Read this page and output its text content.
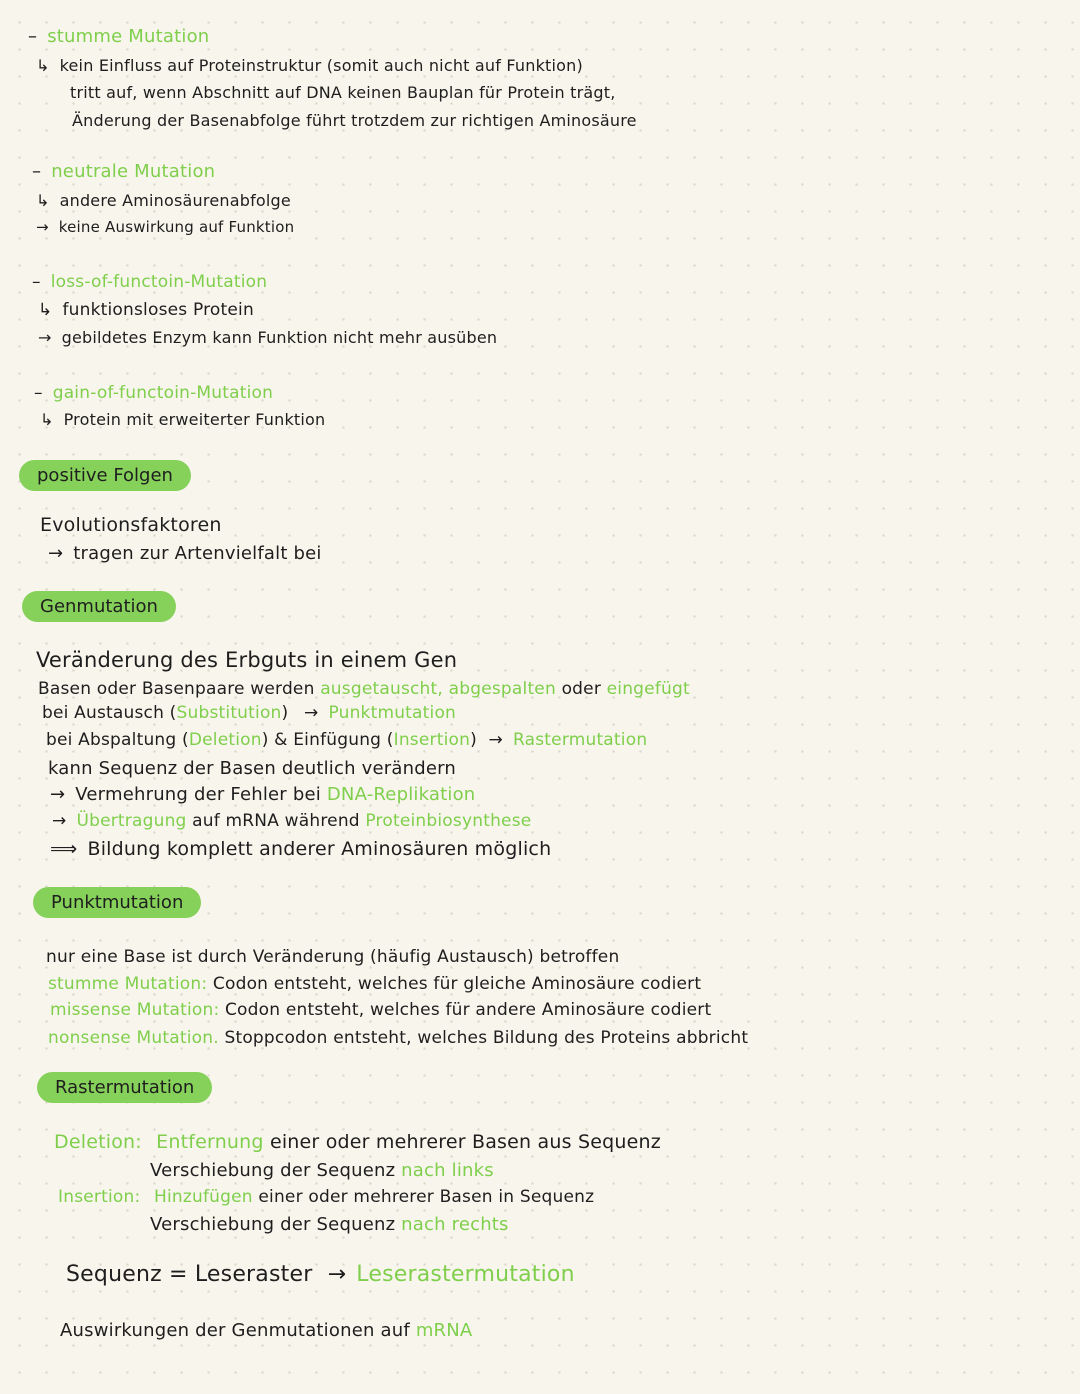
– stumme Mutation
↳ kein Einfluss auf Proteinstruktur (somit auch nicht auf Funktion)
tritt auf, wenn Abschnitt auf DNA keinen Bauplan für Protein trägt,
Änderung der Basenabfolge führt trotzdem zur richtigen Aminosäure
– neutrale Mutation
↳ andere Aminosäurenabfolge
→ keine Auswirkung auf Funktion
– loss-of-functoin-Mutation
↳ funktionsloses Protein
→ gebildetes Enzym kann Funktion nicht mehr ausüben
– gain-of-functoin-Mutation
↳ Protein mit erweiterter Funktion
positive Folgen
Evolutionsfaktoren
→ tragen zur Artenvielfalt bei
Genmutation
Veränderung des Erbguts in einem Gen
Basen oder Basenpaare werden ausgetauscht, abgespalten oder eingefügt
bei Austausch (Substitution) → Punktmutation
bei Abspaltung (Deletion) & Einfügung (Insertion) → Rastermutation
kann Sequenz der Basen deutlich verändern
→ Vermehrung der Fehler bei DNA-Replikation
→ Übertragung auf mRNA während Proteinbiosynthese
⟹ Bildung komplett anderer Aminosäuren möglich
Punktmutation
nur eine Base ist durch Veränderung (häufig Austausch) betroffen
stumme Mutation: Codon entsteht, welches für gleiche Aminosäure codiert
missense Mutation: Codon entsteht, welches für andere Aminosäure codiert
nonsense Mutation. Stoppcodon entsteht, welches Bildung des Proteins abbricht
Rastermutation
Deletion: Entfernung einer oder mehrerer Basen aus Sequenz
Verschiebung der Sequenz nach links
Insertion: Hinzufügen einer oder mehrerer Basen in Sequenz
Verschiebung der Sequenz nach rechts
Sequenz = Leseraster → Leserastermutation
Auswirkungen der Genmutationen auf mRNA
